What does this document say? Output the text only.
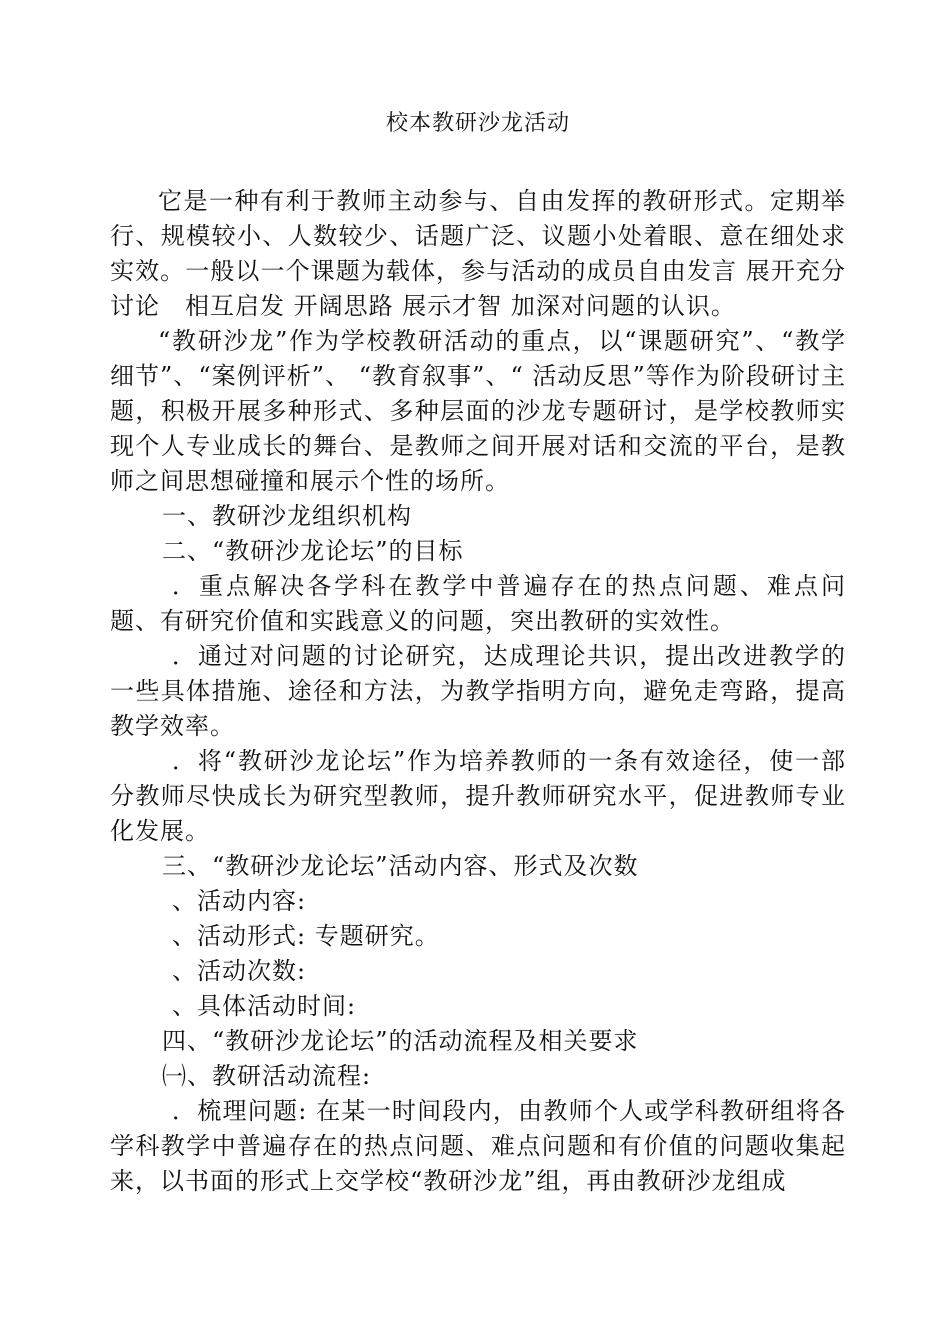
校本教研沙龙活动

它是一种有利于教师主动参与、自由发挥的教研形式。定期举行、规模较小、人数较少、话题广泛、议题小处着眼、意在细处求实效。一般以一个课题为载体，参与活动的成员自由发言 展开充分讨论　相互启发 开阔思路 展示才智 加深对问题的认识。

“教研沙龙”作为学校教研活动的重点，以“课题研究”、“教学细节”、“案例评析”、 “教育叙事”、“ 活动反思”等作为阶段研讨主题，积极开展多种形式、多种层面的沙龙专题研讨，是学校教师实现个人专业成长的舞台、是教师之间开展对话和交流的平台，是教师之间思想碰撞和展示个性的场所。

一、教研沙龙组织机构

二、“教研沙龙论坛”的目标

．重点解决各学科在教学中普遍存在的热点问题、难点问题、有研究价值和实践意义的问题，突出教研的实效性。

．通过对问题的讨论研究，达成理论共识，提出改进教学的一些具体措施、途径和方法，为教学指明方向，避免走弯路，提高教学效率。

．将“教研沙龙论坛”作为培养教师的一条有效途径，使一部分教师尽快成长为研究型教师，提升教师研究水平，促进教师专业化发展。

三、“教研沙龙论坛”活动内容、形式及次数

、活动内容:

、活动形式: 专题研究。

、活动次数:

、具体活动时间:

四、“教研沙龙论坛”的活动流程及相关要求

㈠、教研活动流程:

．梳理问题: 在某一时间段内，由教师个人或学科教研组将各学科教学中普遍存在的热点问题、难点问题和有价值的问题收集起来，以书面的形式上交学校“教研沙龙”组，再由教研沙龙组成
